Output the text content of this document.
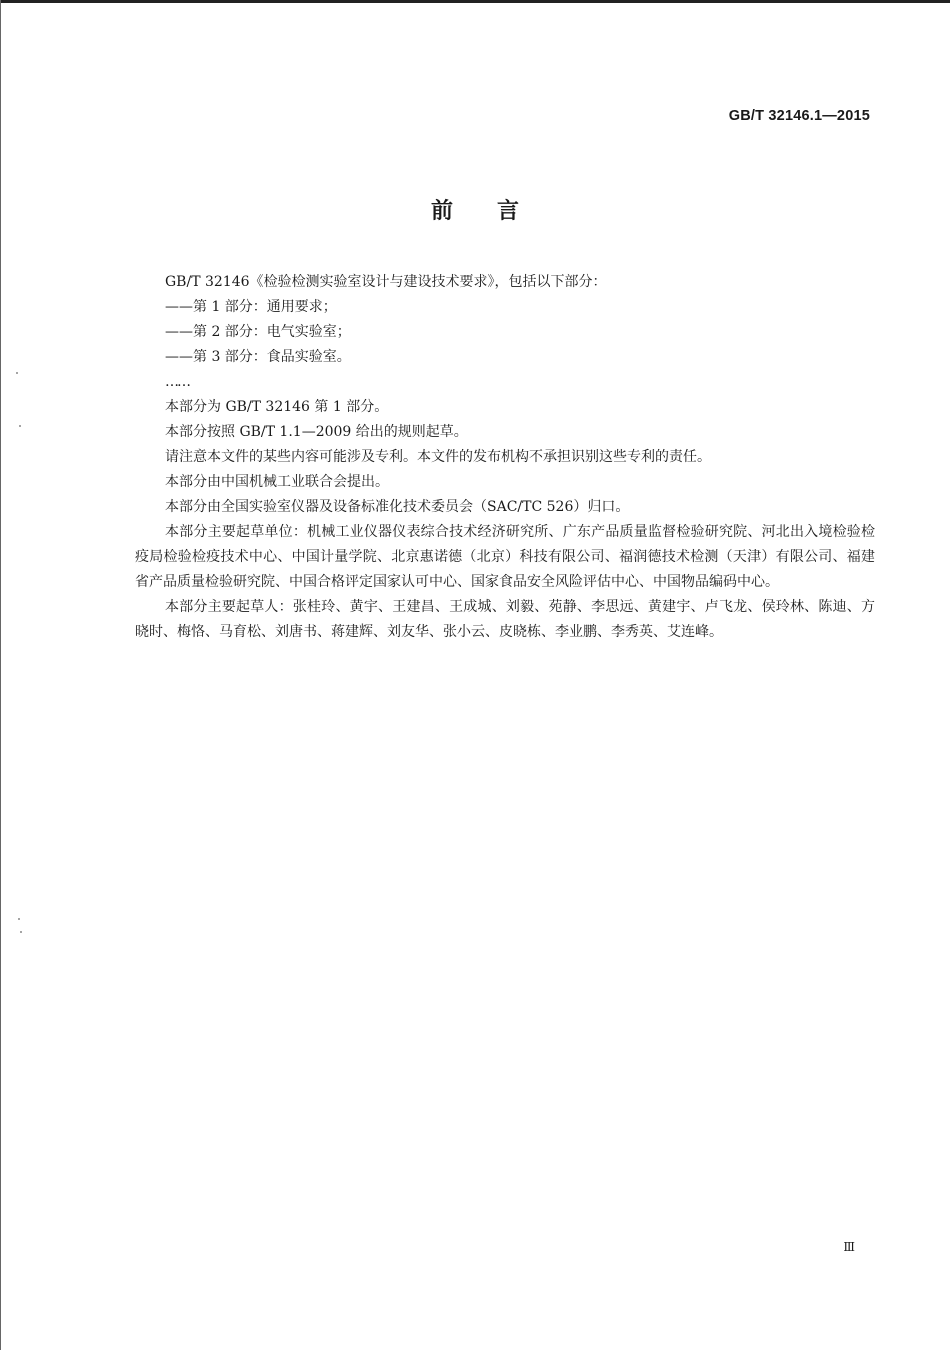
GB/T 32146.1—2015
前 言

GB/T 32146《检验检测实验室设计与建设技术要求》，包括以下部分：

——第 1 部分：通用要求；

——第 2 部分：电气实验室；

——第 3 部分：食品实验室。

……

本部分为 GB/T 32146 第 1 部分。

本部分按照 GB/T 1.1—2009 给出的规则起草。

请注意本文件的某些内容可能涉及专利。本文件的发布机构不承担识别这些专利的责任。

本部分由中国机械工业联合会提出。

本部分由全国实验室仪器及设备标准化技术委员会（SAC/TC 526）归口。

本部分主要起草单位：机械工业仪器仪表综合技术经济研究所、广东产品质量监督检验研究院、河北出入境检验检疫局检验检疫技术中心、中国计量学院、北京惠诺德（北京）科技有限公司、福润德技术检测（天津）有限公司、福建省产品质量检验研究院、中国合格评定国家认可中心、国家食品安全风险评估中心、中国物品编码中心。

本部分主要起草人：张桂玲、黄宇、王建昌、王成城、刘毅、苑静、李思远、黄建宇、卢飞龙、侯玲林、陈迪、方晓时、梅恪、马育松、刘唐书、蒋建辉、刘友华、张小云、皮晓栋、李业鹏、李秀英、艾连峰。

Ⅲ
